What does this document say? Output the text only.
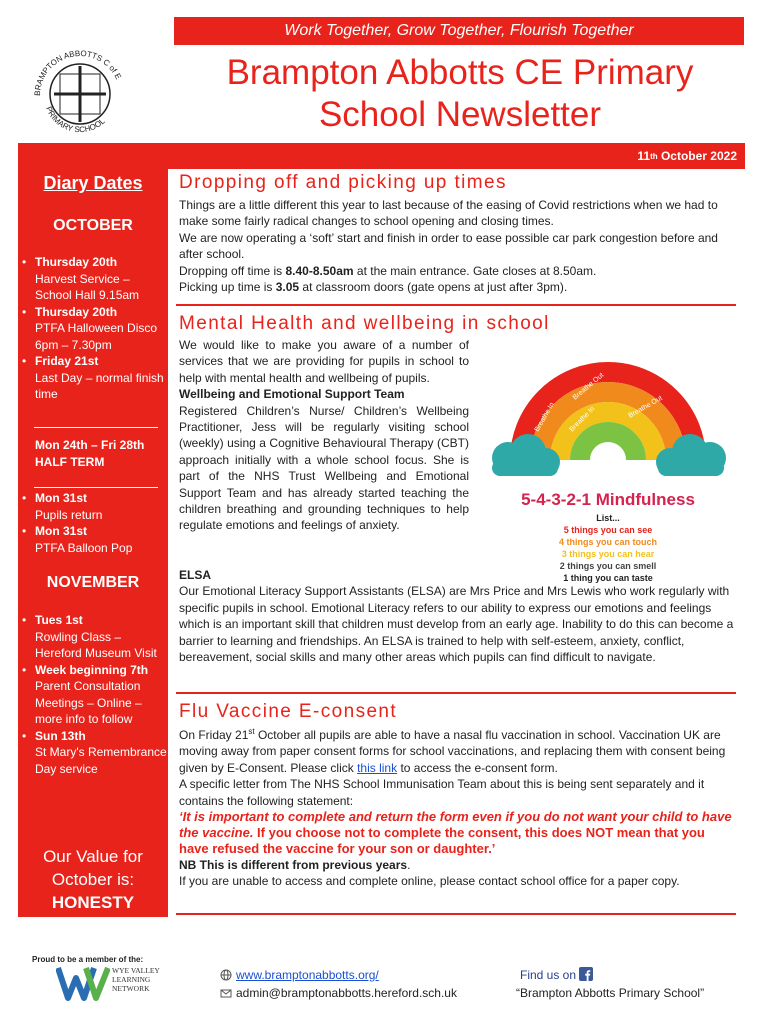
Work Together, Grow Together, Flourish Together
BRAMPTON ABBOTTS C of E
PRIMARY SCHOOL
Brampton Abbotts CE Primary
School Newsletter
11 th October 2022
Diary Dates
OCTOBER
• Thursday 20th
Harvest Service – School Hall 9.15am
• Thursday 20th
PTFA Halloween Disco 6pm – 7.30pm
• Friday 21st
Last Day – normal finish time
Mon 24th – Fri 28th
HALF TERM
• Mon 31st
Pupils return
• Mon 31st
PTFA Balloon Pop
NOVEMBER
• Tues 1st
Rowling Class – Hereford Museum Visit
• Week beginning 7th
Parent Consultation Meetings – Online – more info to follow
• Sun 13th
St Mary's Remembrance Day service
Our Value for
October is:
HONESTY
Dropping off and picking up times

Things are a little different this year to last because of the easing of Covid restrictions when we had to make some fairly radical changes to school opening and closing times.

We are now operating a ‘soft’ start and finish in order to ease possible car park congestion before and after school.

Dropping off time is 8.40-8.50am at the main entrance. Gate closes at 8.50am.

Picking up time is 3.05 at classroom doors (gate opens at just after 3pm).

Mental Health and wellbeing in school

We would like to make you aware of a number of services that we are providing for pupils in school to help with mental health and wellbeing of pupils.

Wellbeing and Emotional Support Team

Registered Children’s Nurse/ Children’s Wellbeing Practitioner, Jess will be regularly visiting school (weekly) using a Cognitive Behavioural Therapy (CBT) approach initially with a whole school focus. She is part of the NHS Trust Wellbeing and Emotional Support Team and has already started teaching the children breathing and grounding techniques to help regulate emotions and feelings of anxiety.

ELSA

Our Emotional Literacy Support Assistants (ELSA) are Mrs Price and Mrs Lewis who work regularly with specific pupils in school. Emotional Literacy refers to our ability to express our emotions and feelings which is an important skill that children must develop from an early age. Inability to do this can become a barrier to learning and friendships. An ELSA is trained to help with self-esteem, anxiety, conflict, bereavement, social skills and many other areas which pupils can find difficult to navigate.

Breathe In
Breathe Out
Breathe In	Breathe Out
5-4-3-2-1 Mindfulness
List...
5 things you can see
4 things you can touch
3 things you can hear
2 things you can smell
1 thing you can taste
Flu Vaccine E-consent

On Friday 21st October all pupils are able to have a nasal flu vaccination in school. Vaccination UK are moving away from paper consent forms for school vaccinations, and replacing them with consent being given by E-Consent. Please click this link to access the e-consent form.

A specific letter from The NHS School Immunisation Team about this is being sent separately and it contains the following statement:

‘It is important to complete and return the form even if you do not want your child to have the vaccine. If you choose not to complete the consent, this does NOT mean that you have refused the vaccine for your son or daughter.’

NB This is different from previous years.

If you are unable to access and complete online, please contact school office for a paper copy.

Proud to be a member of the:
WYE VALLEY
LEARNING
NETWORK
www.bramptonabbotts.org/
admin@bramptonabbotts.hereford.sch.uk
Find us on
“Brampton Abbotts Primary School”
